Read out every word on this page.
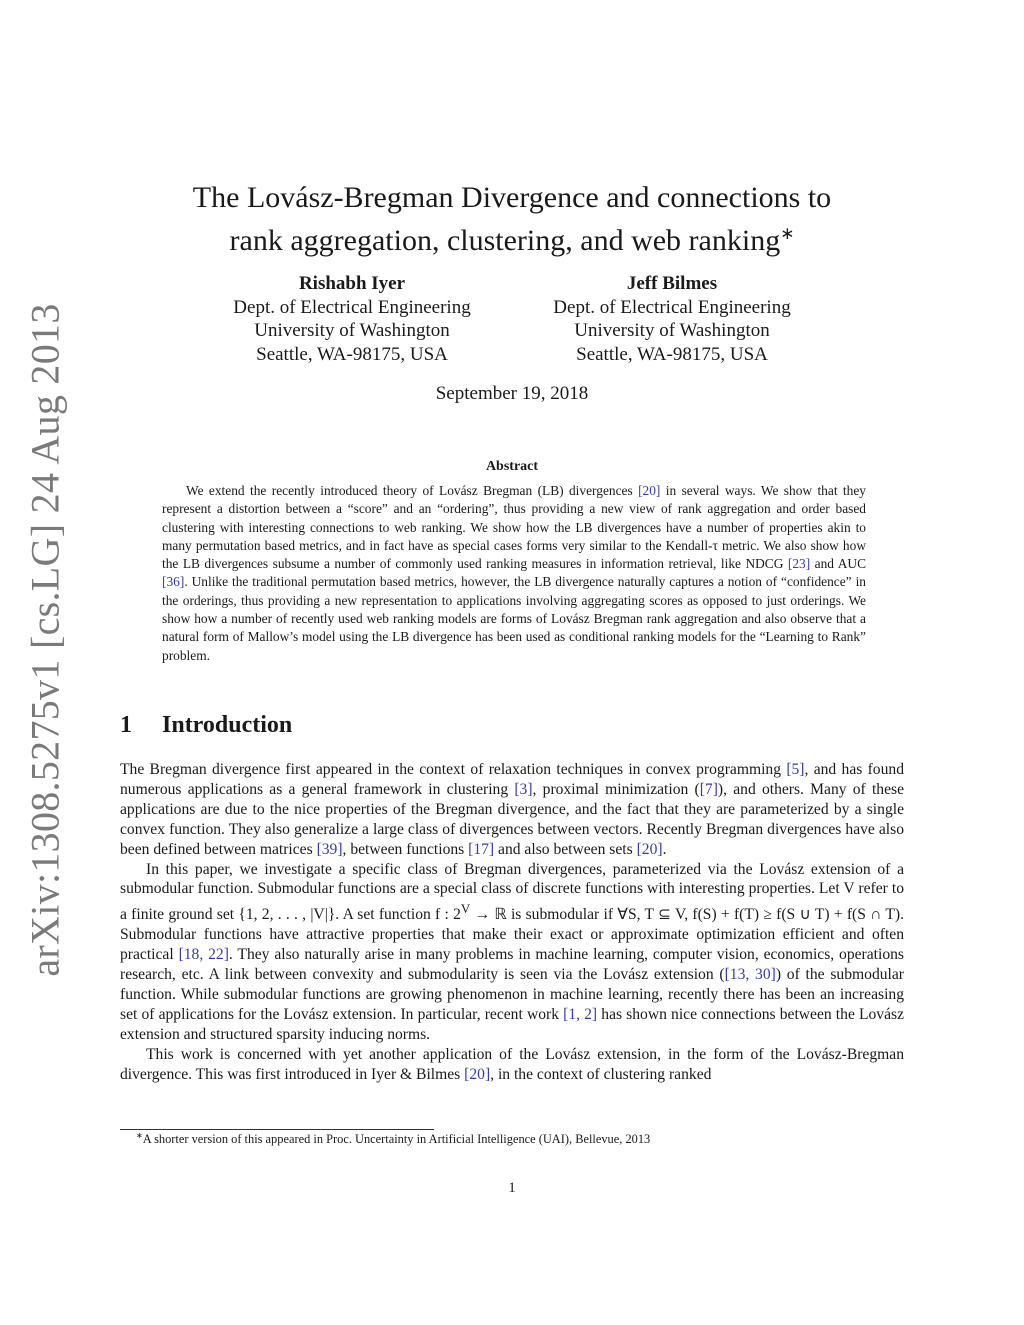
arXiv:1308.5275v1 [cs.LG] 24 Aug 2013
The Lovász-Bregman Divergence and connections to
rank aggregation, clustering, and web ranking∗
Rishabh Iyer
Dept. of Electrical Engineering
University of Washington
Seattle, WA-98175, USA
Jeff Bilmes
Dept. of Electrical Engineering
University of Washington
Seattle, WA-98175, USA
September 19, 2018
Abstract

We extend the recently introduced theory of Lovász Bregman (LB) divergences [20] in several ways. We show that they represent a distortion between a “score” and an “ordering”, thus providing a new view of rank aggregation and order based clustering with interesting connections to web ranking. We show how the LB divergences have a number of properties akin to many permutation based metrics, and in fact have as special cases forms very similar to the Kendall-τ metric. We also show how the LB divergences subsume a number of commonly used ranking measures in information retrieval, like NDCG [23] and AUC [36]. Unlike the traditional permutation based metrics, however, the LB divergence naturally captures a notion of “confidence” in the orderings, thus providing a new representation to applications involving aggregating scores as opposed to just orderings. We show how a number of recently used web ranking models are forms of Lovász Bregman rank aggregation and also observe that a natural form of Mallow’s model using the LB divergence has been used as conditional ranking models for the “Learning to Rank” problem.

1 Introduction

The Bregman divergence first appeared in the context of relaxation techniques in convex programming [5], and has found numerous applications as a general framework in clustering [3], proximal minimization ([7]), and others. Many of these applications are due to the nice properties of the Bregman divergence, and the fact that they are parameterized by a single convex function. They also generalize a large class of divergences between vectors. Recently Bregman divergences have also been defined between matrices [39], between functions [17] and also between sets [20].

In this paper, we investigate a specific class of Bregman divergences, parameterized via the Lovász extension of a submodular function. Submodular functions are a special class of discrete functions with interesting properties. Let V refer to a finite ground set {1, 2, . . . , |V|}. A set function f : $2^V$ → ℝ is submodular if ∀S, T ⊆ V, f(S) + f(T) ≥ f(S ∪ T) + f(S ∩ T). Submodular functions have attractive properties that make their exact or approximate optimization efficient and often practical [18, 22]. They also naturally arise in many problems in machine learning, computer vision, economics, operations research, etc. A link between convexity and submodularity is seen via the Lovász extension ([13, 30]) of the submodular function. While submodular functions are growing phenomenon in machine learning, recently there has been an increasing set of applications for the Lovász extension. In particular, recent work [1, 2] has shown nice connections between the Lovász extension and structured sparsity inducing norms.

This work is concerned with yet another application of the Lovász extension, in the form of the Lovász-Bregman divergence. This was first introduced in Iyer & Bilmes [20], in the context of clustering ranked

∗A shorter version of this appeared in Proc. Uncertainty in Artificial Intelligence (UAI), Bellevue, 2013
1
